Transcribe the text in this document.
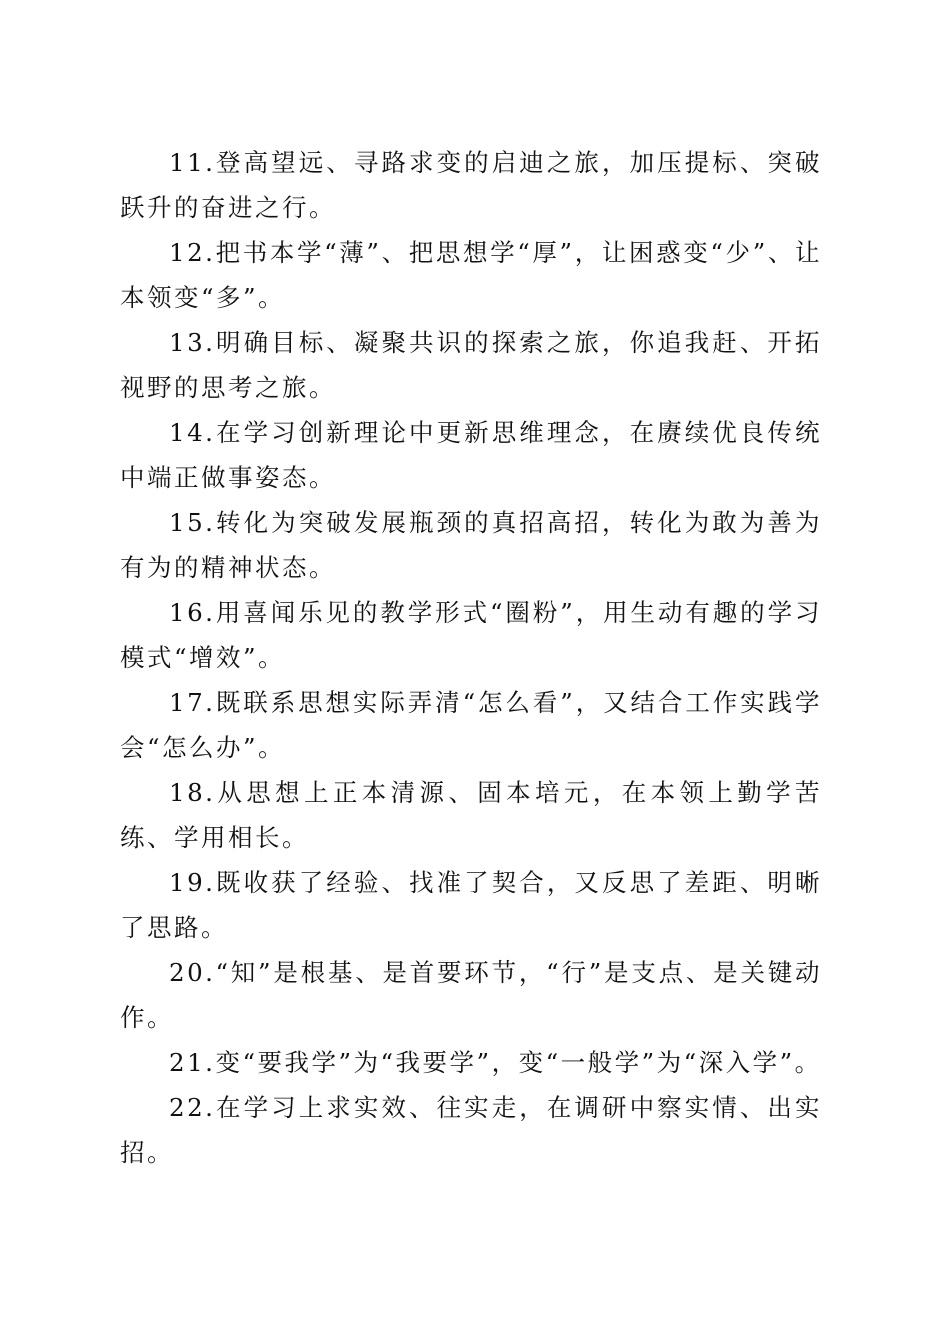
11.登高望远、寻路求变的启迪之旅，加压提标、突破跃升的奋进之行。

12.把书本学“薄”、把思想学“厚”，让困惑变“少”、让本领变“多”。

13.明确目标、凝聚共识的探索之旅，你追我赶、开拓视野的思考之旅。

14.在学习创新理论中更新思维理念，在赓续优良传统中端正做事姿态。

15.转化为突破发展瓶颈的真招高招，转化为敢为善为有为的精神状态。

16.用喜闻乐见的教学形式“圈粉”，用生动有趣的学习模式“增效”。

17.既联系思想实际弄清“怎么看”，又结合工作实践学会“怎么办”。

18.从思想上正本清源、固本培元，在本领上勤学苦练、学用相长。

19.既收获了经验、找准了契合，又反思了差距、明晰了思路。

20.“知”是根基、是首要环节，“行”是支点、是关键动作。

21.变“要我学”为“我要学”，变“一般学”为“深入学”。

22.在学习上求实效、往实走，在调研中察实情、出实招。
